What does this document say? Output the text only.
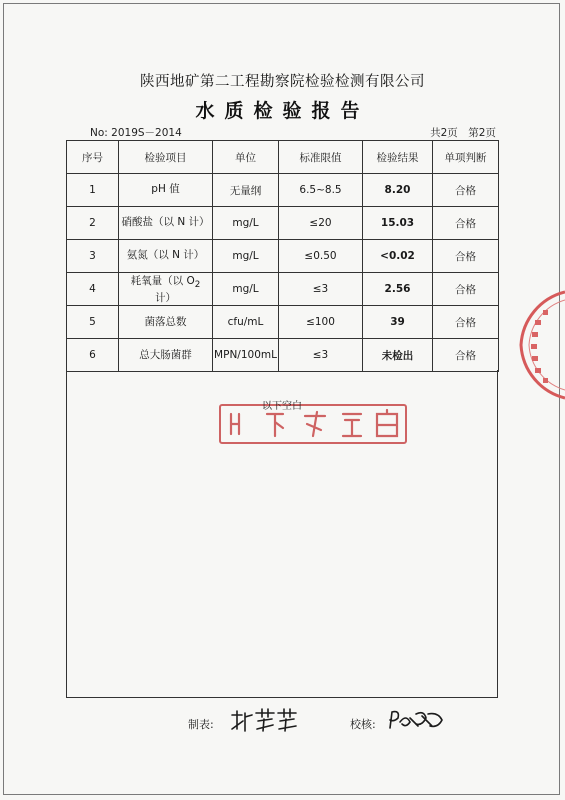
陕西地矿第二工程勘察院检验检测有限公司
水质检验报告
No: 2019S－2014	共2页　第2页
序号	检验项目	单位	标准限值	检验结果	单项判断
1	pH 值	无量纲	6.5~8.5	8.20	合格
2	硝酸盐（以 N 计）	mg/L	≤20	15.03	合格
3	氨氮（以 N 计）	mg/L	≤0.50	<0.02	合格
4	耗氧量（以 $O_2$ 计）	mg/L	≤3	2.56	合格
5	菌落总数	cfu/mL	≤100	39	合格
6	总大肠菌群	MPN/100mL	≤3	未检出	合格
以下空白
制表:	校核:
